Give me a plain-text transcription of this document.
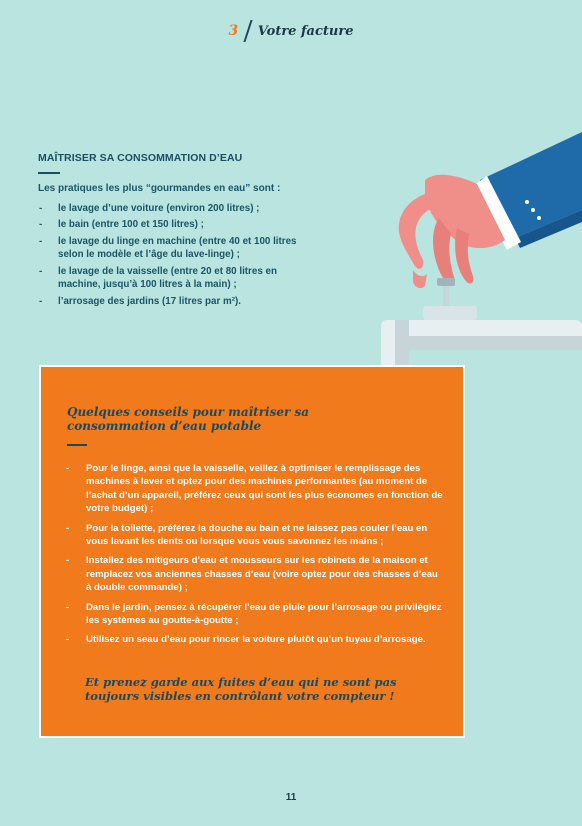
3 Votre facture
MAÎTRISER SA CONSOMMATION D’EAU
Les pratiques les plus “gourmandes en eau” sont :
-	le lavage d’une voiture (environ 200 litres) ;
-	le bain (entre 100 et 150 litres) ;
-	le lavage du linge en machine (entre 40 et 100 litres selon le modèle et l’âge du lave-linge) ;
-	le lavage de la vaisselle (entre 20 et 80 litres en machine, jusqu’à 100 litres à la main) ;
-	l’arrosage des jardins (17 litres par m²).
Quelques conseils pour maîtriser sa consommation d’eau potable
-	Pour le linge, ainsi que la vaisselle, veillez à optimiser le remplissage des machines à laver et optez pour des machines performantes (au moment de l’achat d’un appareil, préférez ceux qui sont les plus économes en fonction de votre budget) ;
-	Pour la toilette, préférez la douche au bain et ne laissez pas couler l’eau en vous lavant les dents ou lorsque vous vous savonnez les mains ;
-	Installez des mitigeurs d’eau et mousseurs sur les robinets de la maison et remplacez vos anciennes chasses d’eau (voire optez pour des chasses d’eau à double commande) ;
-	Dans le jardin, pensez à récupérer l’eau de pluie pour l’arrosage ou privilégiez les systèmes au goutte-à-goutte ;
-	Utilisez un seau d’eau pour rincer la voiture plutôt qu’un tuyau d’arrosage.
Et prenez garde aux fuites d’eau qui ne sont pas toujours visibles en contrôlant votre compteur !
11
